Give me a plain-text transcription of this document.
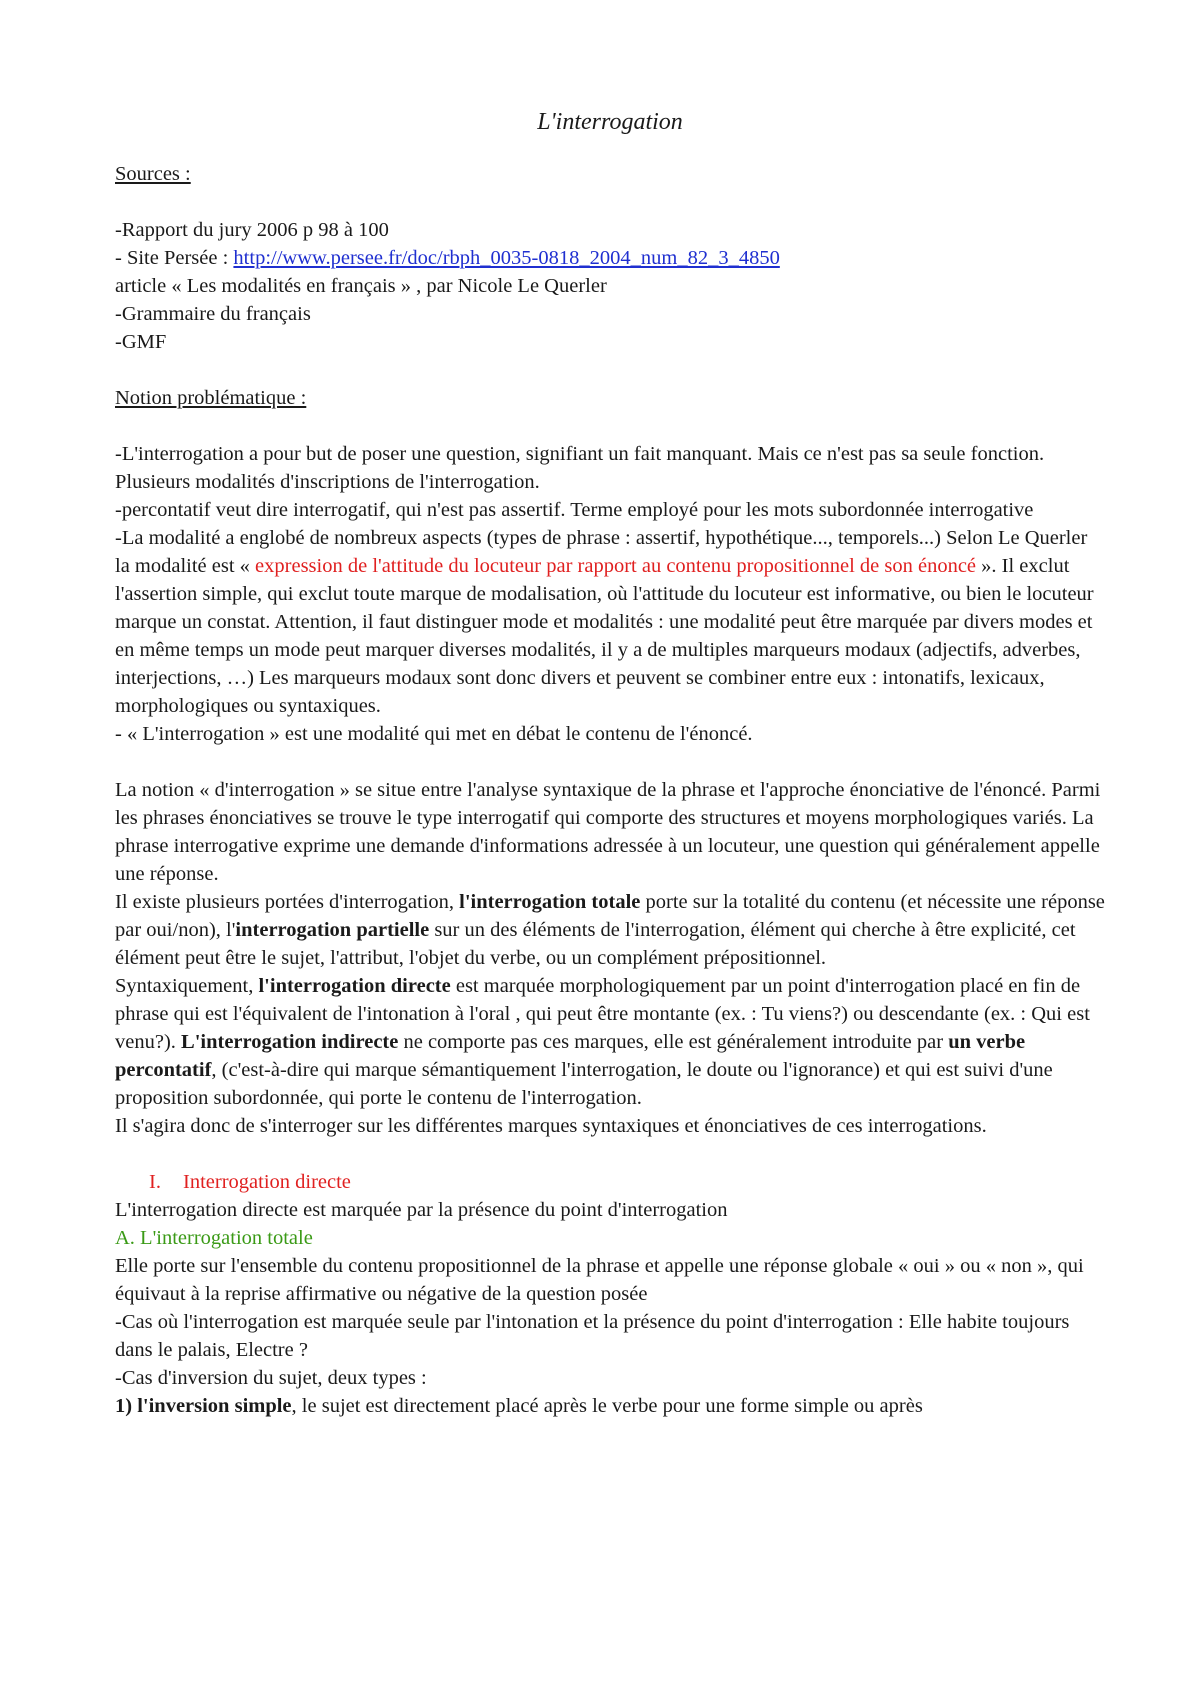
L'interrogation

Sources :

-Rapport du jury 2006 p 98 à 100

- Site Persée : http://www.persee.fr/doc/rbph_0035-0818_2004_num_82_3_4850

article « Les modalités en français » , par Nicole Le Querler

-Grammaire du français

-GMF

Notion problématique :

-L'interrogation a pour but de poser une question, signifiant un fait manquant. Mais ce n'est pas sa seule fonction. Plusieurs modalités d'inscriptions de l'interrogation.

-percontatif veut dire interrogatif, qui n'est pas assertif. Terme employé pour les mots subordonnée interrogative

-La modalité a englobé de nombreux aspects (types de phrase : assertif, hypothétique..., temporels...) Selon Le Querler la modalité est « expression de l'attitude du locuteur par rapport au contenu propositionnel de son énoncé ». Il exclut l'assertion simple, qui exclut toute marque de modalisation, où l'attitude du locuteur est informative, ou bien le locuteur marque un constat. Attention, il faut distinguer mode et modalités : une modalité peut être marquée par divers modes et en même temps un mode peut marquer diverses modalités, il y a de multiples marqueurs modaux (adjectifs, adverbes, interjections, …) Les marqueurs modaux sont donc divers et peuvent se combiner entre eux : intonatifs, lexicaux, morphologiques ou syntaxiques.

- « L'interrogation » est une modalité qui met en débat le contenu de l'énoncé.

La notion « d'interrogation » se situe entre l'analyse syntaxique de la phrase et l'approche énonciative de l'énoncé. Parmi les phrases énonciatives se trouve le type interrogatif qui comporte des structures et moyens morphologiques variés. La phrase interrogative exprime une demande d'informations adressée à un locuteur, une question qui généralement appelle une réponse.

Il existe plusieurs portées d'interrogation, l'interrogation totale porte sur la totalité du contenu (et nécessite une réponse par oui/non), l'interrogation partielle sur un des éléments de l'interrogation, élément qui cherche à être explicité, cet élément peut être le sujet, l'attribut, l'objet du verbe, ou un complément prépositionnel.

Syntaxiquement, l'interrogation directe est marquée morphologiquement par un point d'interrogation placé en fin de phrase qui est l'équivalent de l'intonation à l'oral , qui peut être montante (ex. : Tu viens?) ou descendante (ex. : Qui est venu?). L'interrogation indirecte ne comporte pas ces marques, elle est généralement introduite par un verbe percontatif, (c'est-à-dire qui marque sémantiquement l'interrogation, le doute ou l'ignorance) et qui est suivi d'une proposition subordonnée, qui porte le contenu de l'interrogation.

Il s'agira donc de s'interroger sur les différentes marques syntaxiques et énonciatives de ces interrogations.

I. Interrogation directe

L'interrogation directe est marquée par la présence du point d'interrogation

A. L'interrogation totale

Elle porte sur l'ensemble du contenu propositionnel de la phrase et appelle une réponse globale « oui » ou « non », qui équivaut à la reprise affirmative ou négative de la question posée

-Cas où l'interrogation est marquée seule par l'intonation et la présence du point d'interrogation : Elle habite toujours dans le palais, Electre ?

-Cas d'inversion du sujet, deux types :

1) l'inversion simple, le sujet est directement placé après le verbe pour une forme simple ou après
